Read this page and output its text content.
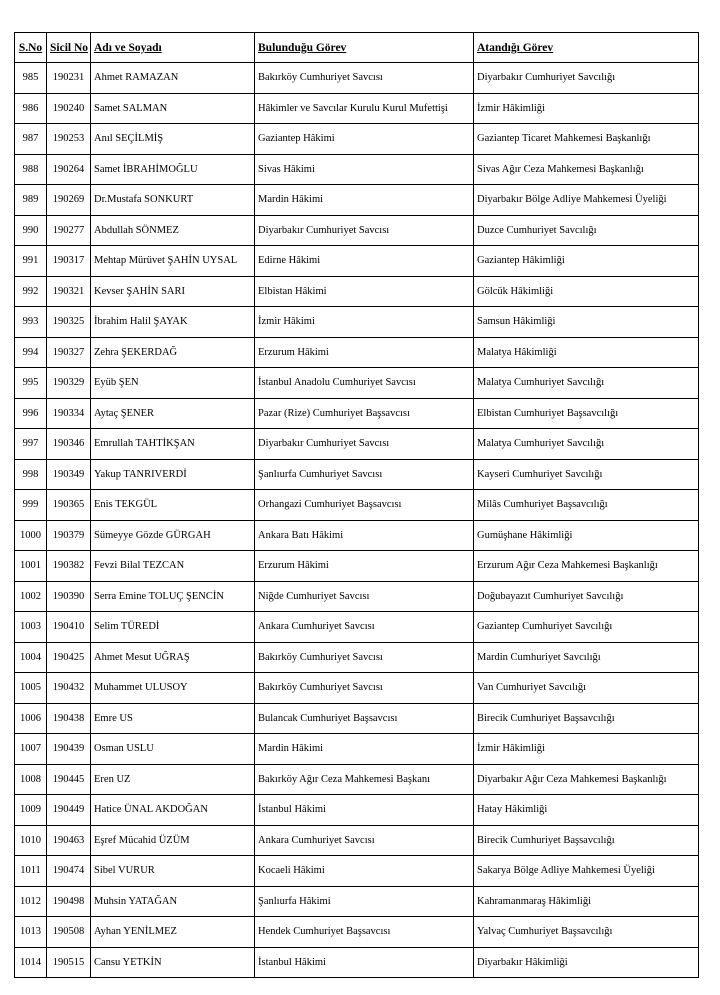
S.No	Sicil No	Adı ve Soyadı	Bulunduğu Görev	Atandığı Görev
985	190231	Ahmet RAMAZAN	Bakırköy Cumhuriyet Savcısı	Diyarbakır Cumhuriyet Savcılığı
986	190240	Samet SALMAN	Hâkimler ve Savcılar Kurulu Kurul Mufettişi	İzmir Hâkimliği
987	190253	Anıl SEÇİLMİŞ	Gaziantep Hâkimi	Gaziantep Ticaret Mahkemesi Başkanlığı
988	190264	Samet İBRAHİMOĞLU	Sivas Hâkimi	Sivas Ağır Ceza Mahkemesi Başkanlığı
989	190269	Dr.Mustafa SONKURT	Mardin Hâkimi	Diyarbakır Bölge Adliye Mahkemesi Üyeliği
990	190277	Abdullah SÖNMEZ	Diyarbakır Cumhuriyet Savcısı	Duzce Cumhuriyet Savcılığı
991	190317	Mehtap Mürüvet ŞAHİN UYSAL	Edirne Hâkimi	Gaziantep Hâkimliği
992	190321	Kevser ŞAHİN SARI	Elbistan Hâkimi	Gölcük Hâkimliği
993	190325	İbrahim Halil ŞAYAK	İzmir Hâkimi	Samsun Hâkimliği
994	190327	Zehra ŞEKERDAĞ	Erzurum Hâkimi	Malatya Hâkimliği
995	190329	Eyüb ŞEN	İstanbul Anadolu Cumhuriyet Savcısı	Malatya Cumhuriyet Savcılığı
996	190334	Aytaç ŞENER	Pazar (Rize) Cumhuriyet Başsavcısı	Elbistan Cumhuriyet Başsavcılığı
997	190346	Emrullah TAHTİKŞAN	Diyarbakır Cumhuriyet Savcısı	Malatya Cumhuriyet Savcılığı
998	190349	Yakup TANRIVERDİ	Şanlıurfa Cumhuriyet Savcısı	Kayseri Cumhuriyet Savcılığı
999	190365	Enis TEKGÜL	Orhangazi Cumhuriyet Başsavcısı	Milâs Cumhuriyet Başsavcılığı
1000	190379	Sümeyye Gözde GÜRGAH	Ankara Batı Hâkimi	Gumüşhane Hâkimliği
1001	190382	Fevzi Bilal TEZCAN	Erzurum Hâkimi	Erzurum Ağır Ceza Mahkemesi Başkanlığı
1002	190390	Serra Emine TOLUÇ ŞENCİN	Niğde Cumhuriyet Savcısı	Doğubayazıt Cumhuriyet Savcılığı
1003	190410	Selim TÜREDİ	Ankara Cumhuriyet Savcısı	Gaziantep Cumhuriyet Savcılığı
1004	190425	Ahmet Mesut UĞRAŞ	Bakırköy Cumhuriyet Savcısı	Mardin Cumhuriyet Savcılığı
1005	190432	Muhammet ULUSOY	Bakırköy Cumhuriyet Savcısı	Van Cumhuriyet Savcılığı
1006	190438	Emre US	Bulancak Cumhuriyet Başsavcısı	Birecik Cumhuriyet Başsavcılığı
1007	190439	Osman USLU	Mardin Hâkimi	İzmir Hâkimliği
1008	190445	Eren UZ	Bakırköy Ağır Ceza Mahkemesi Başkanı	Diyarbakır Ağır Ceza Mahkemesi Başkanlığı
1009	190449	Hatice ÜNAL AKDOĞAN	İstanbul Hâkimi	Hatay Hâkimliği
1010	190463	Eşref Mücahid ÜZÜM	Ankara Cumhuriyet Savcısı	Birecik Cumhuriyet Başsavcılığı
1011	190474	Sibel VURUR	Kocaeli Hâkimi	Sakarya Bölge Adliye Mahkemesi Üyeliği
1012	190498	Muhsin YATAĞAN	Şanlıurfa Hâkimi	Kahramanmaraş Hâkimliği
1013	190508	Ayhan YENİLMEZ	Hendek Cumhuriyet Başsavcısı	Yalvaç Cumhuriyet Başsavcılığı
1014	190515	Cansu YETKİN	İstanbul Hâkimi	Diyarbakır Hâkimliği
